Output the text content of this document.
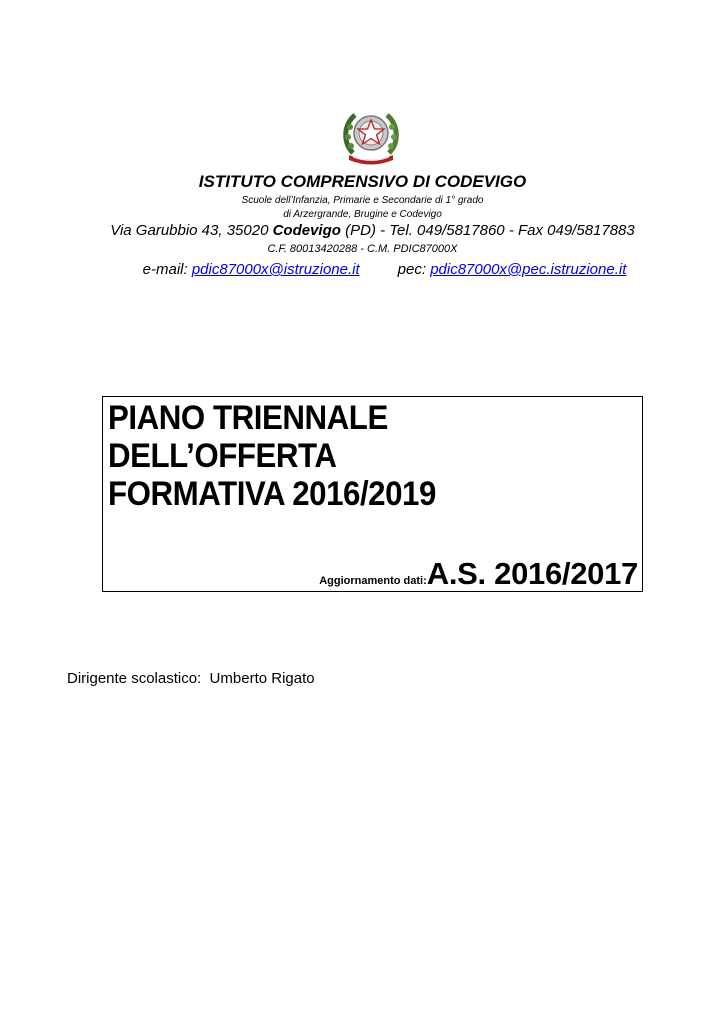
ISTITUTO COMPRENSIVO DI CODEVIGO
Scuole dell’Infanzia, Primarie e Secondarie di 1° grado
di Arzergrande, Brugine e Codevigo
Via Garubbio 43, 35020 Codevigo (PD) - Tel. 049/5817860 - Fax 049/5817883
C.F. 80013420288 - C.M. PDIC87000X
e-mail: pdic87000x@istruzione.it	pec: pdic87000x@pec.istruzione.it
PIANO TRIENNALE
DELL’OFFERTA
FORMATIVA 2016/2019
Aggiornamento dati:A.S. 2016/2017
Dirigente scolastico:  Umberto Rigato
